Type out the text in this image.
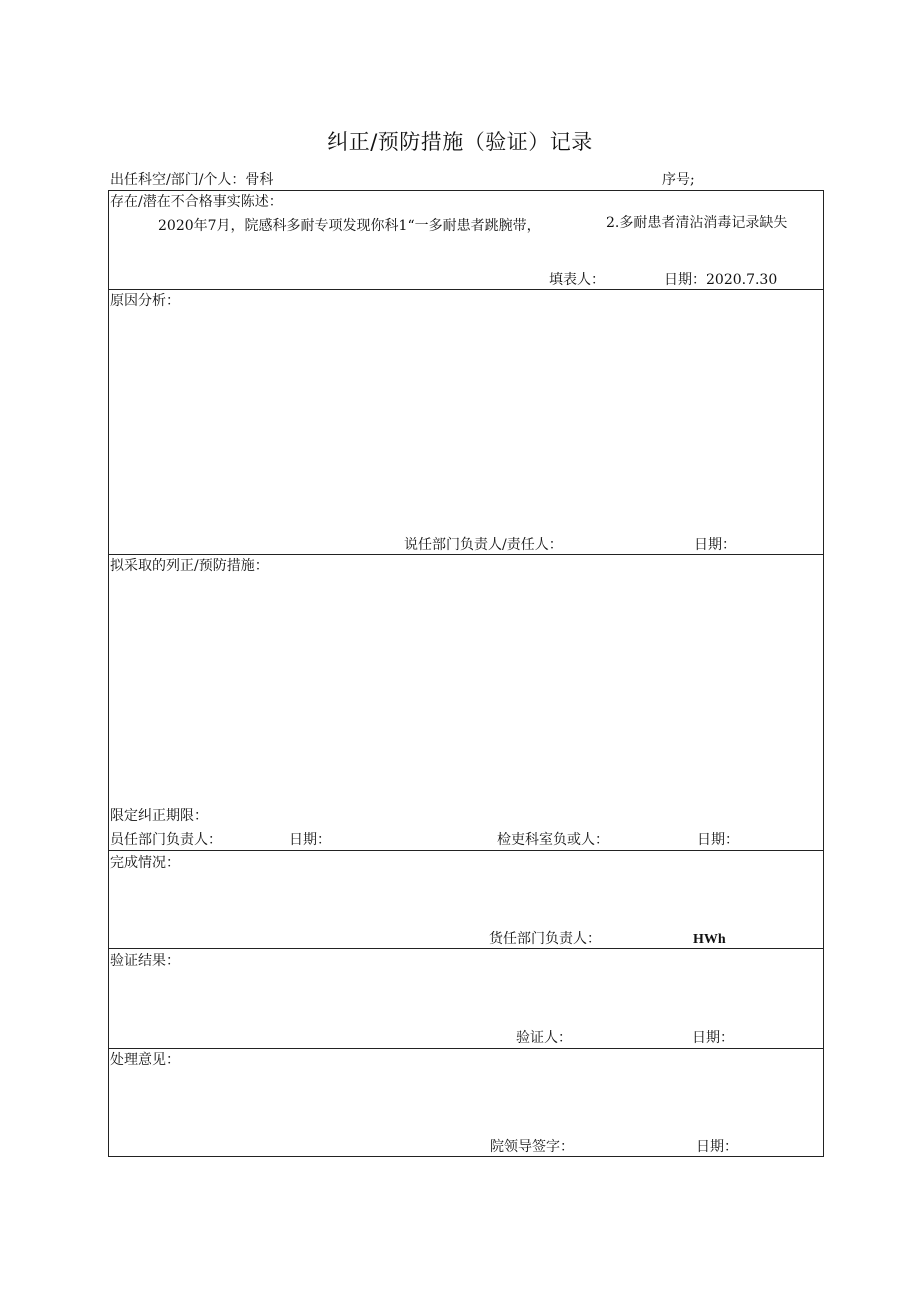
纠正/预防措施（验证）记录
出任科空/部门/个人：骨科	序号;
存在/潜在不合格事实陈述：
2020年7月，院感科多耐专项发现你科1“一多耐患者跳腕带，	2.多耐患者清沾消毒记录缺失
填表人：	日期：2020.7.30
原因分析：
说任部门负责人/责任人：	日期：
拟采取的列正/预防措施：
限定纠正期限：
员任部门负责人：	日期：	检吏科室负或人：	日期：
完成情况：
货任部门负责人：	HWh
验证结果：
验证人：	日期：
处理意见：
院领导签字：	日期：
